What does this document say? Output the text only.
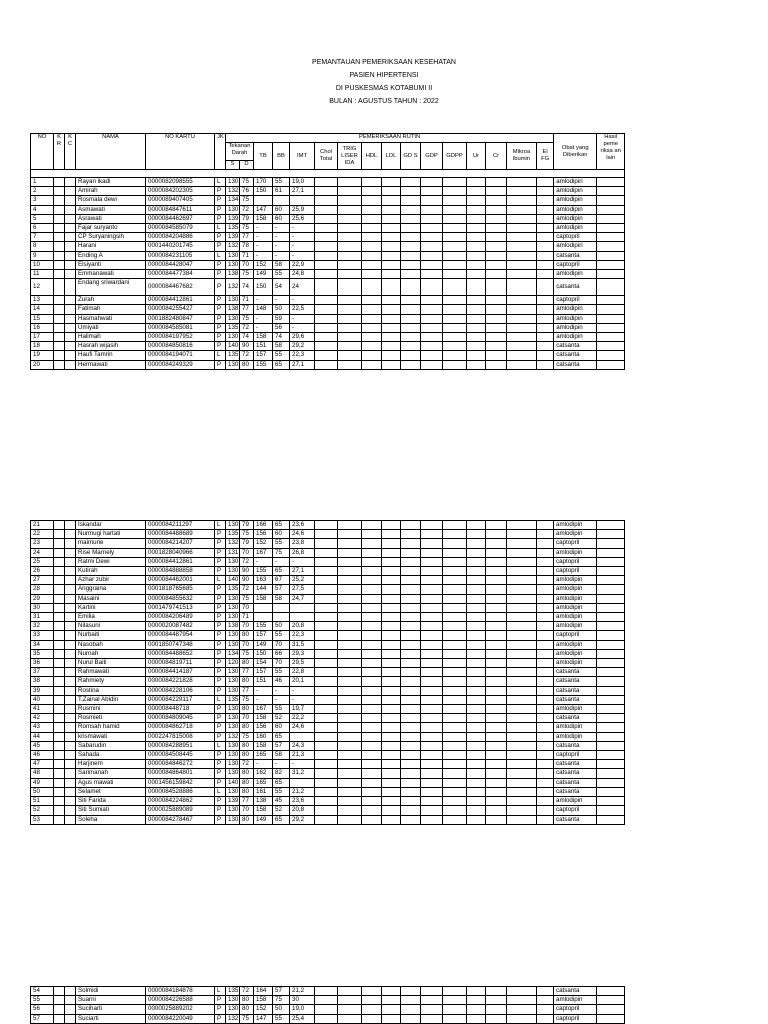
PEMANTAUAN PEMERIKSAAN KESEHATAN
PASIEN HIPERTENSI
DI PUSKESMAS KOTABUMI II
BULAN : AGUSTUS TAHUN : 2022
NO	K R	K C	NAMA	NO KARTU	JK	PEMERIKSAAN RUTIN																Obat yang Diberikan	Hasil peme riksa an lain
						Tekanan Darah		TB	BB	IMT	Chol Total	TRIG LISER IDA	HDL	LDL	GD S	GDP	GDPP	Ur	Cr	Mikroa lbumin	El FG		
						S	D																

1			Rayan ikadi	0000082098555	L	130	75	170	55	19,0												amlodipin	
2			Amirah	0000084202305	P	132	76	150	61	27,1												amlodipin	
3			Rosmala dewi	0000089407405	P	134	75															amlodipin	
4			Asmawati	0000084847611	P	130	72	147	60	25,9												amlodipin	
5			Asrawati	0000084462697	P	139	79	158	60	25,6												amlodipin	
6			Fajar suryanto	0000084585079	L	135	75	-	-	-												amlodipin	
7			CP Suryaningsih	0000084204886	P	139	77	-	-	-												captopril	
8			Harani	0001440201745	P	132	78	-	-	-												amlodipin	
9			Ending A	0000084231105	L	130	71	-	-	-												catsanta	
10			Elsiyanti	0000084428047	P	130	70	152	58	22,9												captopril	
11			Emmanawati	0000084477384	P	138	75	149	55	24,8												amlodipin	
12			Endang sriwardani	0000084467682	P	132	74	150	54	24												catsanta	
13			Zurah	0000084412861	P	130	71	-	-	-												captopril	
14			Fatimah	0000084255427	P	138	77	148	50	22,5												amlodipin	
15			Hasmahwati	0001882480847	P	130	75	-	59	-												amlodipin	
16			Umiyati	0000084585081	P	135	72	-	56	-												amlodipin	
17			Halimah	0000084197952	P	130	74	158	74	29,6												amlodipin	
18			Hasrah wijasih	0000084850816	P	140	90	151	58	29,2												catsanta	
19			Haufi Tamrin	0000084194071	L	135	72	157	55	22,3												catsanta	
20			Hermawati	0000084249329	P	130	80	155	65	27,1												catsanta	
21			Iskandar	0000084211297	L	130	79	166	65	23,6												amlodipin	
22			Nurmugi hartati	0000084488689	P	135	75	156	60	24,6												amlodipin	
23			maimurie	0000084214207	P	132	79	152	55	23,8												captopril	
24			Rise Marnely	0001828040966	P	131	70	167	75	26,8												amlodipin	
25			Ratmi Dewi	0000084412861	P	130	72	-	-	-												captopril	
26			Kutirah	0000084888858	P	130	90	155	65	27,1												captopril	
27			Azhar zubir	0000084462001	L	140	90	163	67	25,2												amlodipin	
28			Anggraina	0001818765685	P	135	72	144	57	27,5												amlodipin	
29			Masaini	0000084855632	P	130	75	158	58	24,7												amlodipin	
30			Kartini	0001479741513	P	130	70															amlodipin	
31			Emilia	0000084206489	P	130	71															amlodipin	
32			Nilasuni	0000020087482	P	138	70	155	50	20,8												amlodipin	
33			Nurbaiti	0000084487954	P	130	80	157	55	22,3												captopril	
34			Nasobah	0001850747348	P	130	70	149	70	31,5												amlodipin	
35			Nurnah	0000084488652	P	134	75	150	66	29,3												amlodipin	
36			Nurul Baiti	0000084819711	P	120	80	154	70	29,5												amlodipin	
37			Rahmawati	0000084414187	P	130	77	157	55	22,8												catsanta	
38			Rahmiety	0000084221828	P	130	80	151	46	20,1												catsanta	
39			Rostina	0000084228106	P	130	77	-	-	-												catsanta	
40			T.Zainal Abidin	0000084229117	L	135	75	-	-	-												catsanta	
41			Rusmini	000008448718	P	130	80	167	55	19,7												amlodipin	
42			Rosmieti	0000084809045	P	130	70	158	52	22,2												catsanta	
43			Romsah hamid	0000084862718	P	130	80	156	60	24,6												amlodipin	
44			krismawati	0002247815008	P	132	75	160	65													amlodipin	
45			Sabarudin	0000084288951	L	130	80	158	57	24,3												catsanta	
46			Sahada	0000084508445	P	130	80	165	58	21,3												captopril	
47			Harjinem	0000084846272	P	130	72	-	-	-												catsanta	
48			Sarimanah	0000084864801	P	130	80	162	82	31,2												catsanta	
49			Agus mawati	0001456159842	P	140	80	165	65													catsanta	
50			Selamet	0000084528886	L	130	80	161	55	21,2												catsanta	
51			Siti Farida	0000084224862	P	139	77	138	45	23,6												amlodipin	
52			Siti Sumiati	0000025889089	P	130	70	158	52	20,8												captopril	
53			Soleha	0000084278467	P	130	80	149	65	29,2												catsanta	
54			Solmidi	0000084184878	L	135	72	164	57	21,2												catsanta	
55			Suarni	0000084226588	P	130	80	158	75	30												amlodipin	
56			Suciharti	0000025889202	P	130	80	152	50	19,0												captopril	
57			Suciarti	0000084220049	P	132	75	147	55	25,4												captopril	
